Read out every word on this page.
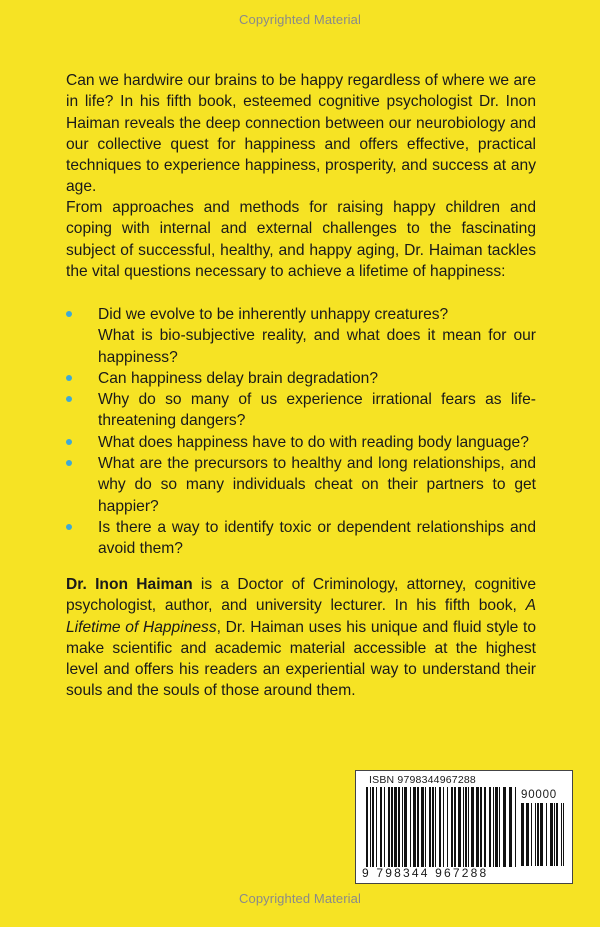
Copyrighted Material

Can we hardwire our brains to be happy regardless of where we are in life? In his fifth book, esteemed cognitive psychologist Dr. Inon Haiman reveals the deep connection between our neurobiology and our collective quest for happiness and offers effective, practical techniques to experience happiness, prosperity, and success at any age.

From approaches and methods for raising happy children and coping with internal and external challenges to the fascinating subject of successful, healthy, and happy aging, Dr. Haiman tackles the vital questions necessary to achieve a lifetime of happiness:

Did we evolve to be inherently unhappy creatures?
What is bio-subjective reality, and what does it mean for our happiness?
Can happiness delay brain degradation?
Why do so many of us experience irrational fears as life-threatening dangers?
What does happiness have to do with reading body language?
What are the precursors to healthy and long relationships, and why do so many individuals cheat on their partners to get happier?
Is there a way to identify toxic or dependent relationships and avoid them?

Dr. Inon Haiman is a Doctor of Criminology, attorney, cognitive psychologist, author, and university lecturer. In his fifth book, A Lifetime of Happiness, Dr. Haiman uses his unique and fluid style to make scientific and academic material accessible at the highest level and offers his readers an experiential way to understand their souls and the souls of those around them.

ISBN 9798344967288
90000
9 798344 967288
Copyrighted Material
